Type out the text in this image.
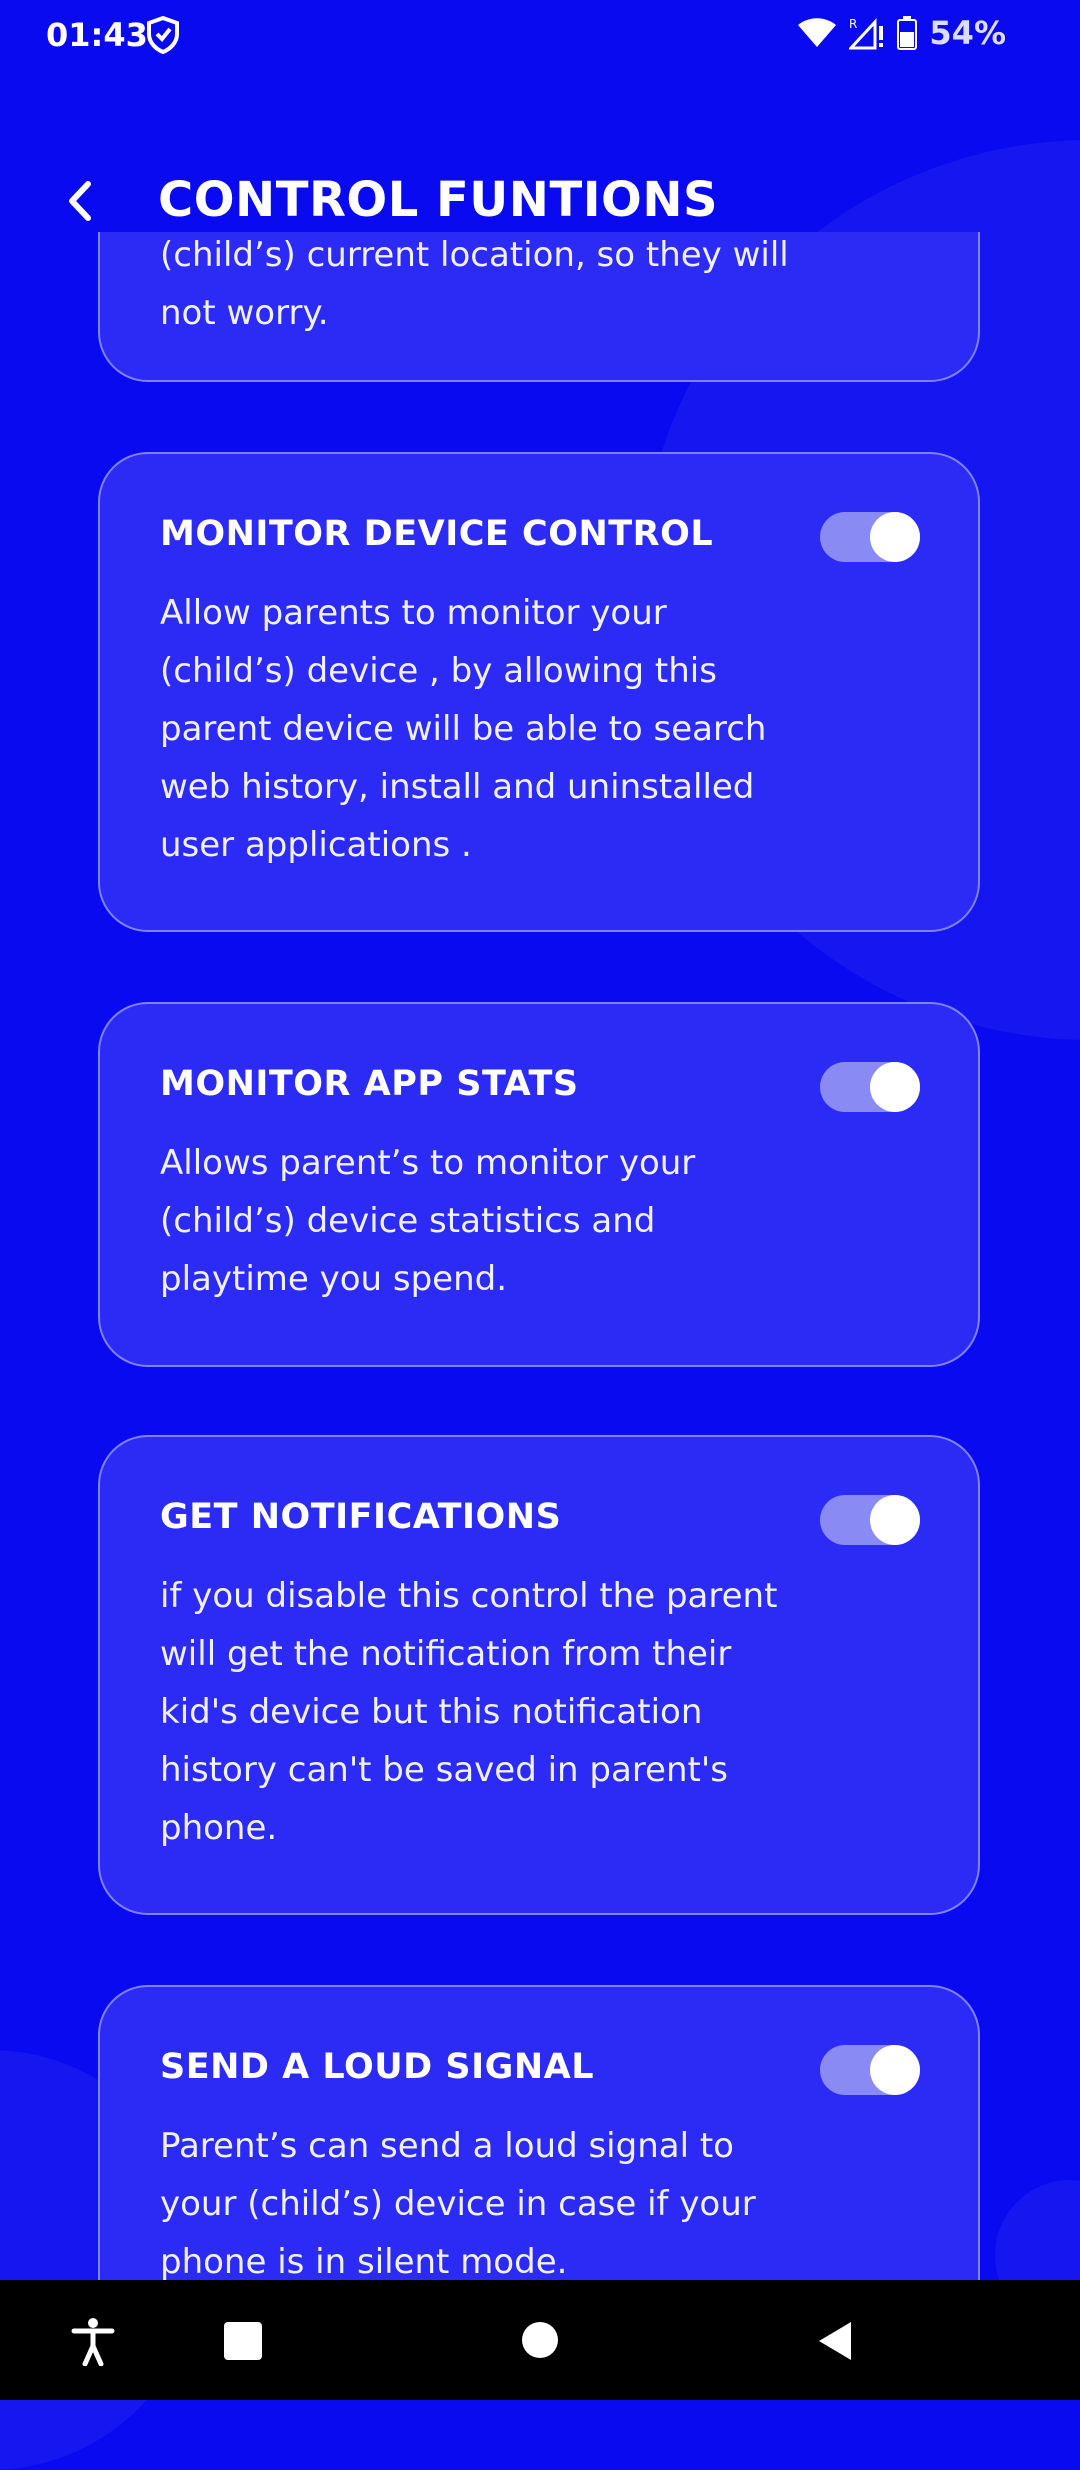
01:43	R 54%
(child’s) current location, so they will not worry.
MONITOR DEVICE CONTROL
Allow parents to monitor your (child’s) device , by allowing this parent device will be able to search web history, install and uninstalled user applications .
MONITOR APP STATS
Allows parent’s to monitor your (child’s) device statistics and playtime you spend.
GET NOTIFICATIONS
if you disable this control the parent will get the notification from their kid's device but this notification history can't be saved in parent's phone.
SEND A LOUD SIGNAL
Parent’s can send a loud signal to your (child’s) device in case if your phone is in silent mode.
CONTROL FUNTIONS
